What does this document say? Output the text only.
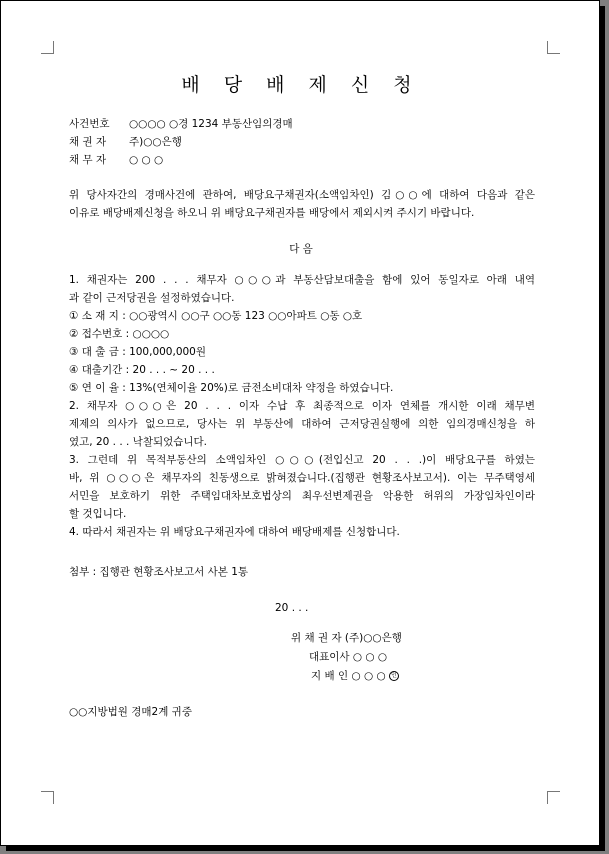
배 당 배 제 신 청
사건번호 ○○○○ ○경 1234 부동산임의경매
채 권 자 주)○○은행
채 무 자 ○ ○ ○
위 당사자간의 경매사건에 관하여, 배당요구채권자(소액임차인) 김○○에 대하여 다음과 같은
이유로 배당배제신청을 하오니 위 배당요구채권자를 배당에서 제외시켜 주시기 바랍니다.
다 음
1. 채권자는 200 . . . 채무자 ○○○과 부동산담보대출을 함에 있어 동일자로 아래 내역
과 같이 근저당권을 설정하였습니다.
① 소 재 지 : ○○광역시 ○○구 ○○동 123 ○○아파트 ○동 ○호
② 접수번호 : ○○○○
③ 대 출 금 : 100,000,000원
④ 대출기간 : 20 . . . ~ 20 . . .
⑤ 연 이 율 : 13%(연체이율 20%)로 금전소비대차 약정을 하였습니다.
2. 채무자 ○○○은 20 . . . 이자 수납 후 최종적으로 이자 연체를 개시한 이래 채무변
제제의 의사가 없으므로, 당사는 위 부동산에 대하여 근저당권실행에 의한 임의경매신청을 하
였고, 20 . . . 낙찰되었습니다.
3. 그런데 위 목적부동산의 소액임차인 ○○○(전입신고 20 . . .)이 배당요구를 하였는
바, 위 ○○○은 채무자의 친동생으로 밝혀졌습니다.(집행관 현황조사보고서). 이는 무주택영세
서민을 보호하기 위한 주택임대차보호법상의 최우선변제권을 악용한 허위의 가장임차인이라
할 것입니다.
4. 따라서 채권자는 위 배당요구채권자에 대하여 배당배제를 신청합니다.
첨부 : 집행관 현황조사보고서 사본 1통
20 . . .
위 채 권 자 (주)○○은행
대표이사 ○ ○ ○
지 배 인 ○ ○ ○ 인
○○지방법원 경매2계 귀중
